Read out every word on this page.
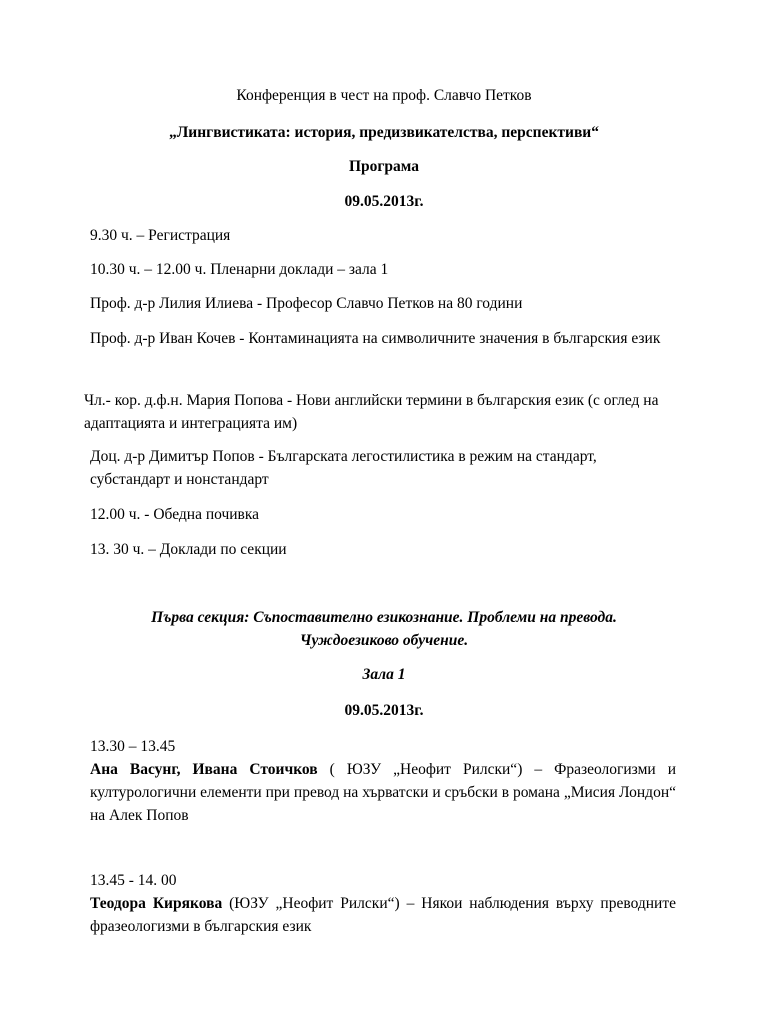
Конференция в чест на проф. Славчо Петков

„Лингвистиката: история, предизвикателства, перспективи“

Програма

09.05.2013г.

9.30 ч. – Регистрация

10.30 ч. – 12.00 ч. Пленарни доклади – зала 1

Проф. д-р Лилия Илиева - Професор Славчо Петков на 80 години

Проф. д-р Иван Кочев - Контаминацията на символичните значения в българския език

Чл.- кор. д.ф.н. Мария Попова - Нови английски термини в българския език (с оглед на адаптацията и интеграцията им)

Доц. д-р Димитър Попов - Българската легостилистика в режим на стандарт, субстандарт и нонстандарт

12.00 ч. - Обедна почивка

13. 30 ч. – Доклади по секции

Първа секция: Съпоставително езикознание. Проблеми на превода.

Чуждоезиково обучение.

Зала 1

09.05.2013г.

13.30 – 13.45
Ана Васунг, Ивана Стоичков ( ЮЗУ „Неофит Рилски“) – Фразеологизми и културологични елементи при превод на хърватски и сръбски в романа „Мисия Лондон“ на Алек Попов
13.45 - 14. 00
Теодора Кирякова (ЮЗУ „Неофит Рилски“) – Някои наблюдения върху преводните фразеологизми в българския език
